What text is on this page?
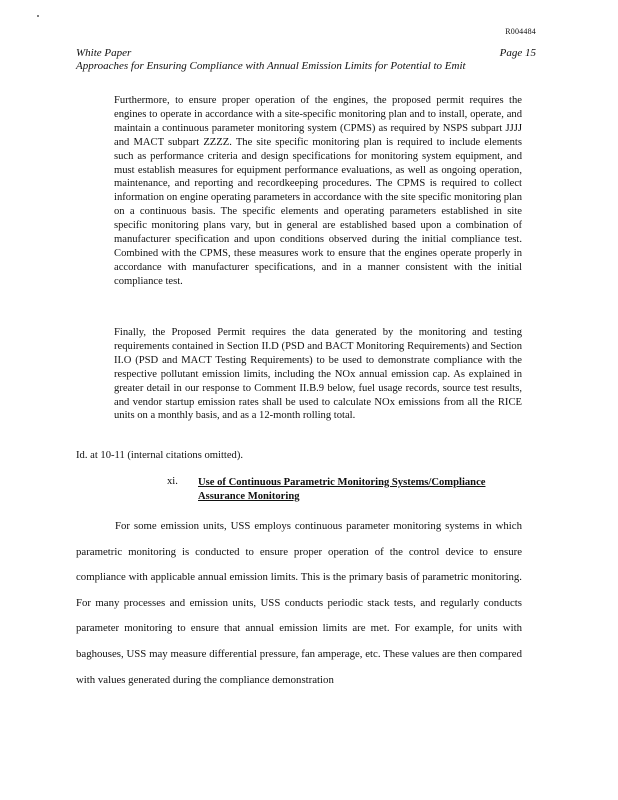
R004484
White Paper	Page 15
Approaches for Ensuring Compliance with Annual Emission Limits for Potential to Emit
Furthermore, to ensure proper operation of the engines, the proposed permit requires the engines to operate in accordance with a site-specific monitoring plan and to install, operate, and maintain a continuous parameter monitoring system (CPMS) as required by NSPS subpart JJJJ and MACT subpart ZZZZ. The site specific monitoring plan is required to include elements such as performance criteria and design specifications for monitoring system equipment, and must establish measures for equipment performance evaluations, as well as ongoing operation, maintenance, and reporting and recordkeeping procedures. The CPMS is required to collect information on engine operating parameters in accordance with the site specific monitoring plan on a continuous basis. The specific elements and operating parameters established in site specific monitoring plans vary, but in general are established based upon a combination of manufacturer specification and upon conditions observed during the initial compliance test. Combined with the CPMS, these measures work to ensure that the engines operate properly in accordance with manufacturer specifications, and in a manner consistent with the initial compliance test.
Finally, the Proposed Permit requires the data generated by the monitoring and testing requirements contained in Section II.D (PSD and BACT Monitoring Requirements) and Section II.O (PSD and MACT Testing Requirements) to be used to demonstrate compliance with the respective pollutant emission limits, including the NOx annual emission cap. As explained in greater detail in our response to Comment II.B.9 below, fuel usage records, source test results, and vendor startup emission rates shall be used to calculate NOx emissions from all the RICE units on a monthly basis, and as a 12-month rolling total.
Id. at 10-11 (internal citations omitted).
xi. Use of Continuous Parametric Monitoring Systems/Compliance Assurance Monitoring
For some emission units, USS employs continuous parameter monitoring systems in which parametric monitoring is conducted to ensure proper operation of the control device to ensure compliance with applicable annual emission limits. This is the primary basis of parametric monitoring. For many processes and emission units, USS conducts periodic stack tests, and regularly conducts parameter monitoring to ensure that annual emission limits are met. For example, for units with baghouses, USS may measure differential pressure, fan amperage, etc. These values are then compared with values generated during the compliance demonstration
